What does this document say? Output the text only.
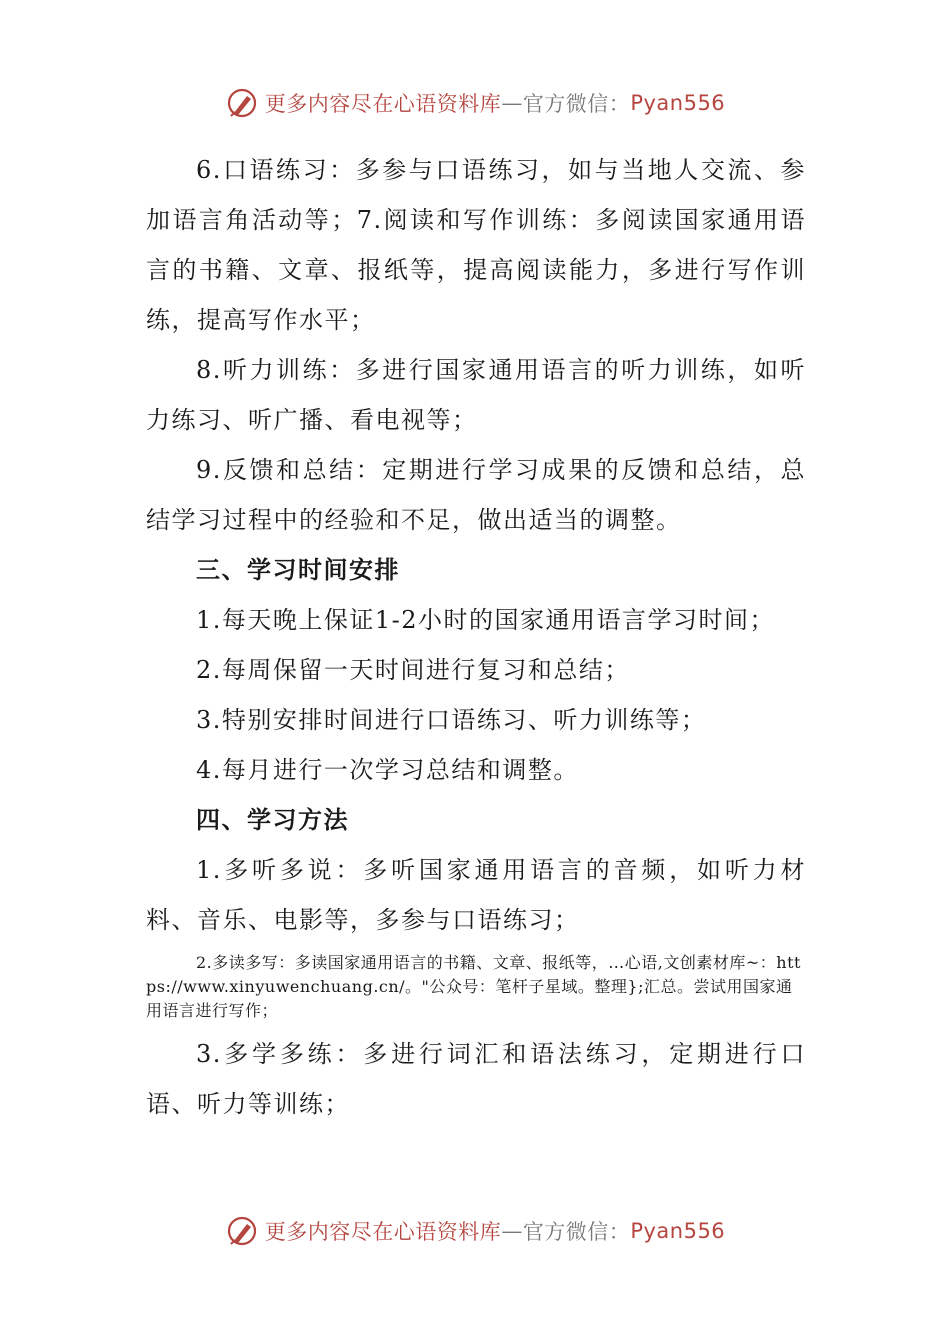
更多内容尽在心语资料库 — 官方微信： Pyan556

6.口语练习：多参与口语练习，如与当地人交流、参加语言角活动等；7.阅读和写作训练：多阅读国家通用语言的书籍、文章、报纸等，提高阅读能力，多进行写作训练，提高写作水平；

8.听力训练：多进行国家通用语言的听力训练，如听力练习、听广播、看电视等；

9.反馈和总结：定期进行学习成果的反馈和总结，总结学习过程中的经验和不足，做出适当的调整。

三、学习时间安排

1.每天晚上保证1-2小时的国家通用语言学习时间；

2.每周保留一天时间进行复习和总结；

3.特别安排时间进行口语练习、听力训练等；

4.每月进行一次学习总结和调整。

四、学习方法

1.多听多说：多听国家通用语言的音频，如听力材料、音乐、电影等，多参与口语练习；

2.多读多写：多读国家通用语言的书籍、文章、报纸等，…心语,文创素材库~：https://www.xinyuwenchuang.cn/。"公众号：笔杆子星域。整理};汇总。尝试用国家通用语言进行写作；

3.多学多练：多进行词汇和语法练习，定期进行口语、听力等训练；

更多内容尽在心语资料库 — 官方微信： Pyan556
